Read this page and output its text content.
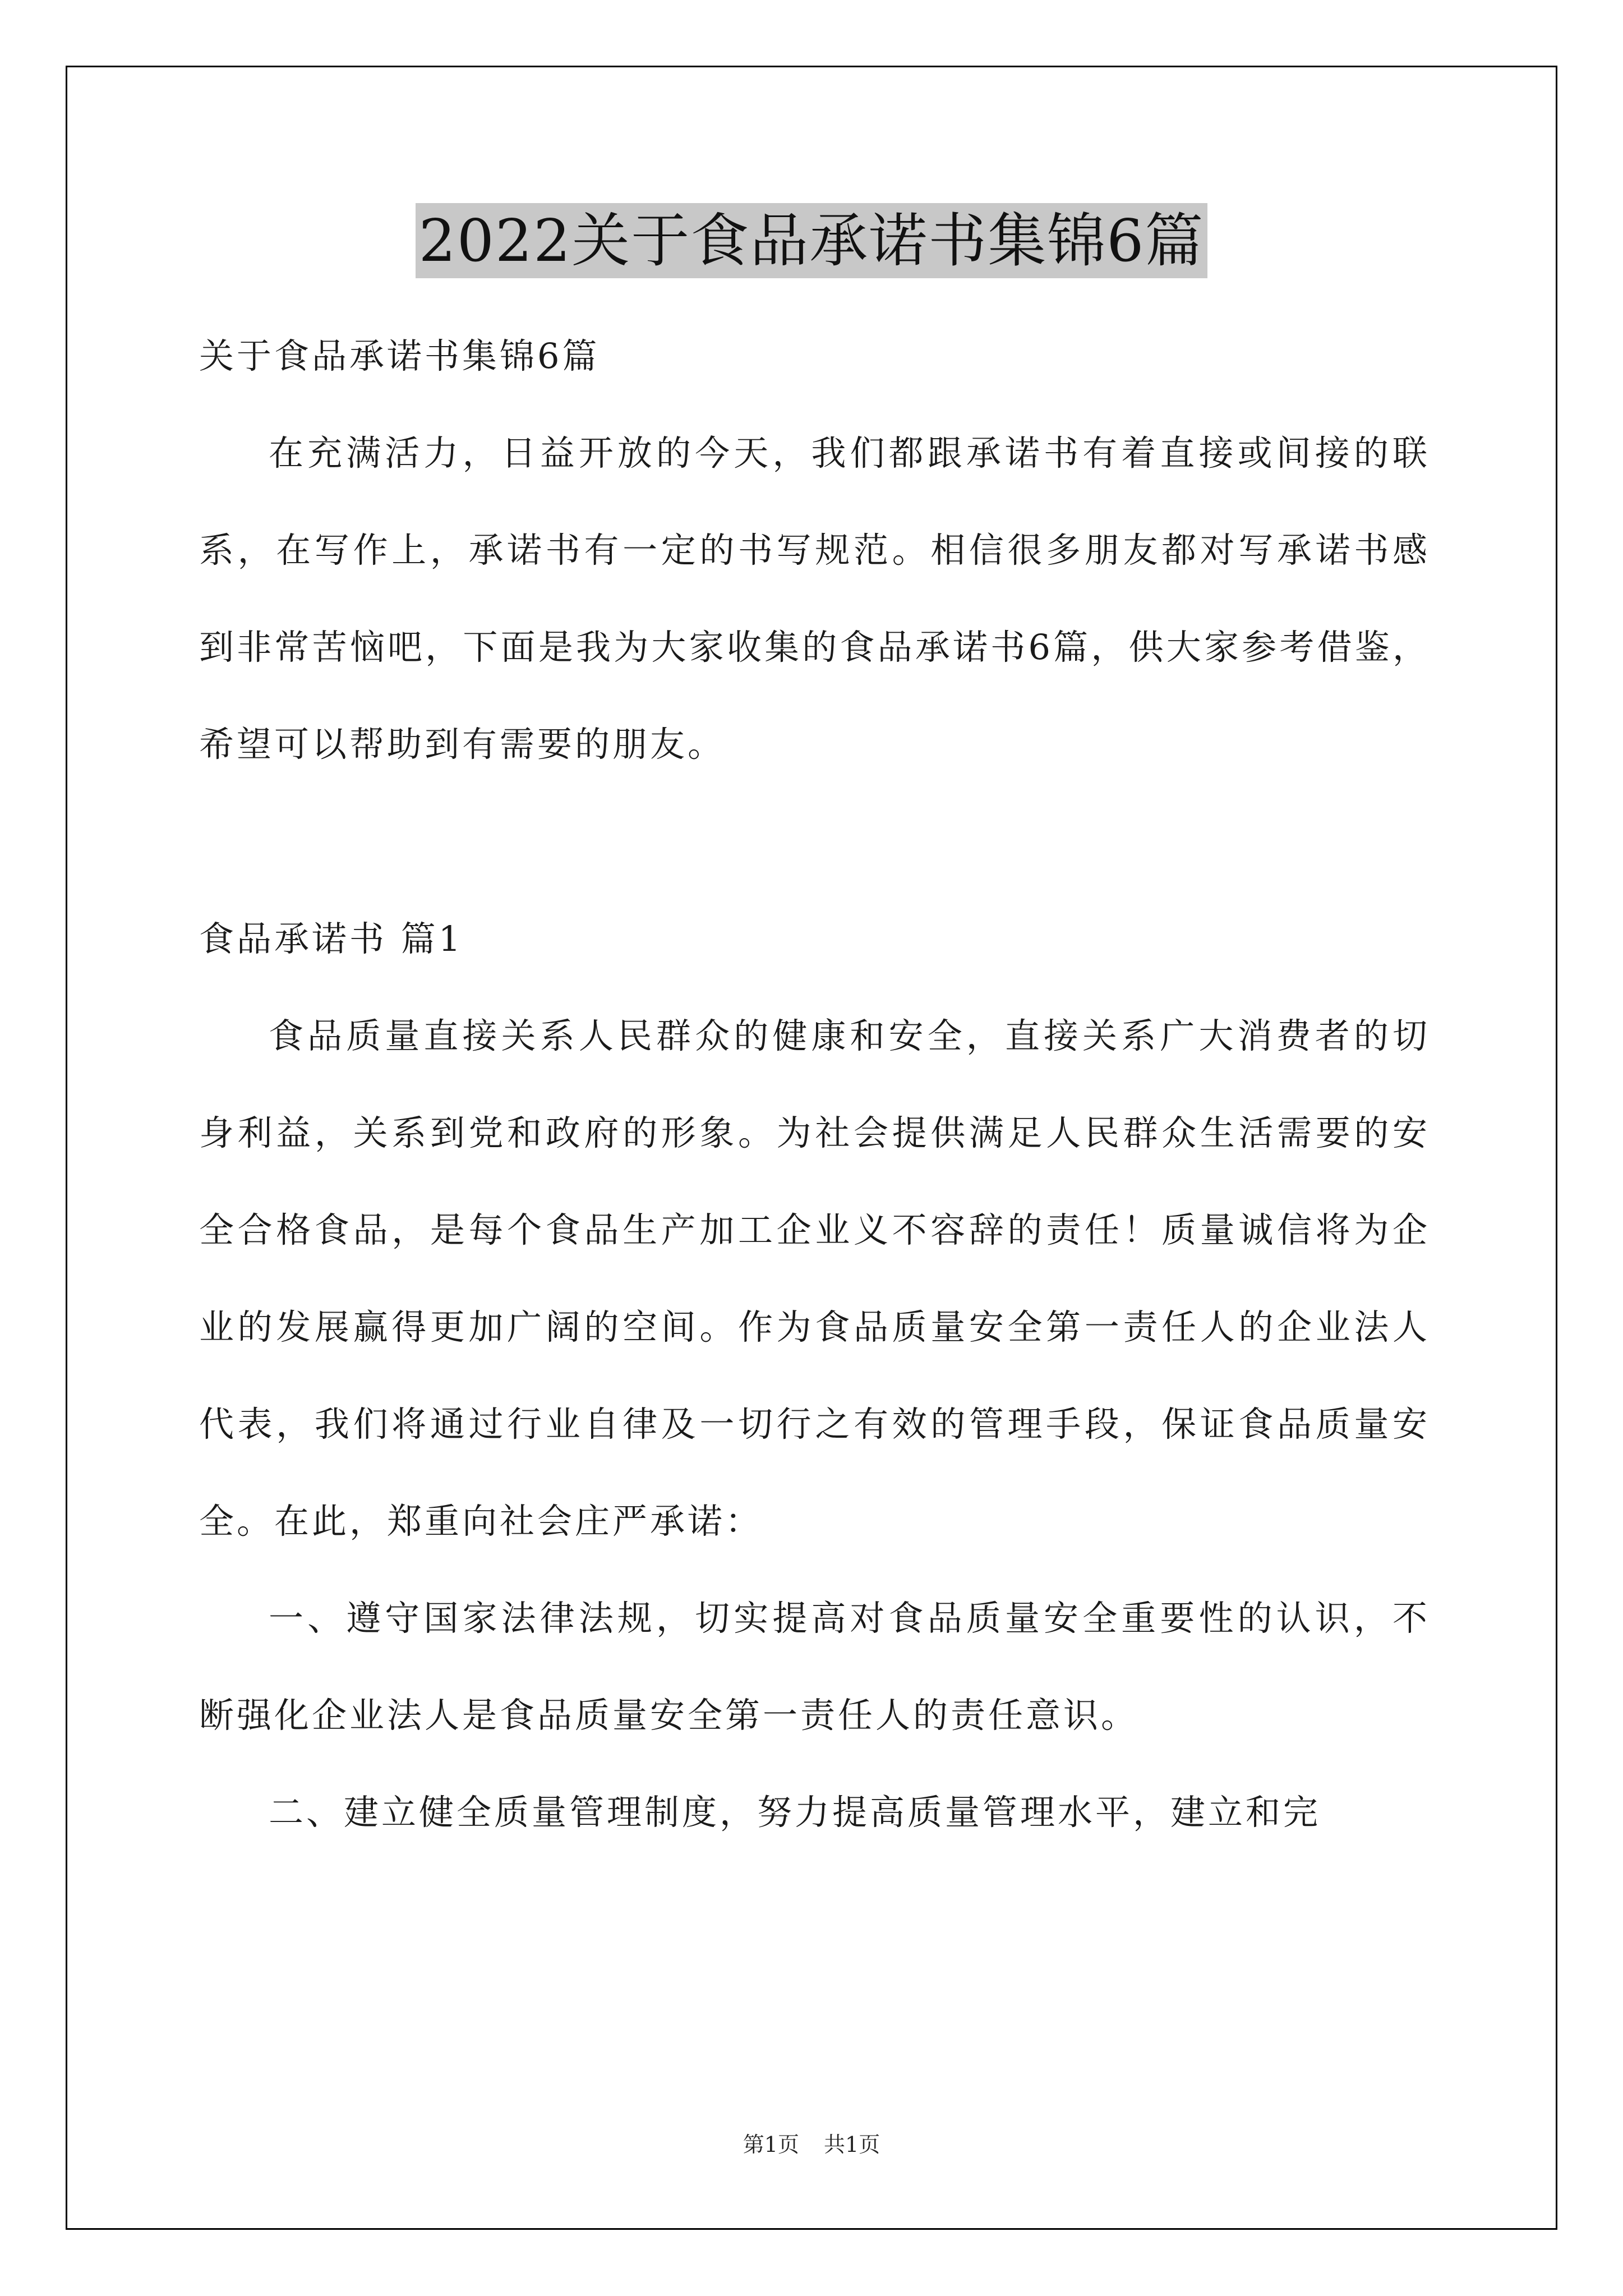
2022关于食品承诺书集锦6篇

关于食品承诺书集锦6篇

在充满活力，日益开放的今天，我们都跟承诺书有着直接或间接的联系，在写作上，承诺书有一定的书写规范。相信很多朋友都对写承诺书感到非常苦恼吧，下面是我为大家收集的食品承诺书6篇，供大家参考借鉴，希望可以帮助到有需要的朋友。

食品承诺书 篇1

食品质量直接关系人民群众的健康和安全，直接关系广大消费者的切身利益，关系到党和政府的形象。为社会提供满足人民群众生活需要的安全合格食品，是每个食品生产加工企业义不容辞的责任！质量诚信将为企业的发展赢得更加广阔的空间。作为食品质量安全第一责任人的企业法人代表，我们将通过行业自律及一切行之有效的管理手段，保证食品质量安全。在此，郑重向社会庄严承诺：

一、遵守国家法律法规，切实提高对食品质量安全重要性的认识，不断强化企业法人是食品质量安全第一责任人的责任意识。

二、建立健全质量管理制度，努力提高质量管理水平，建立和完

第1页 共1页
